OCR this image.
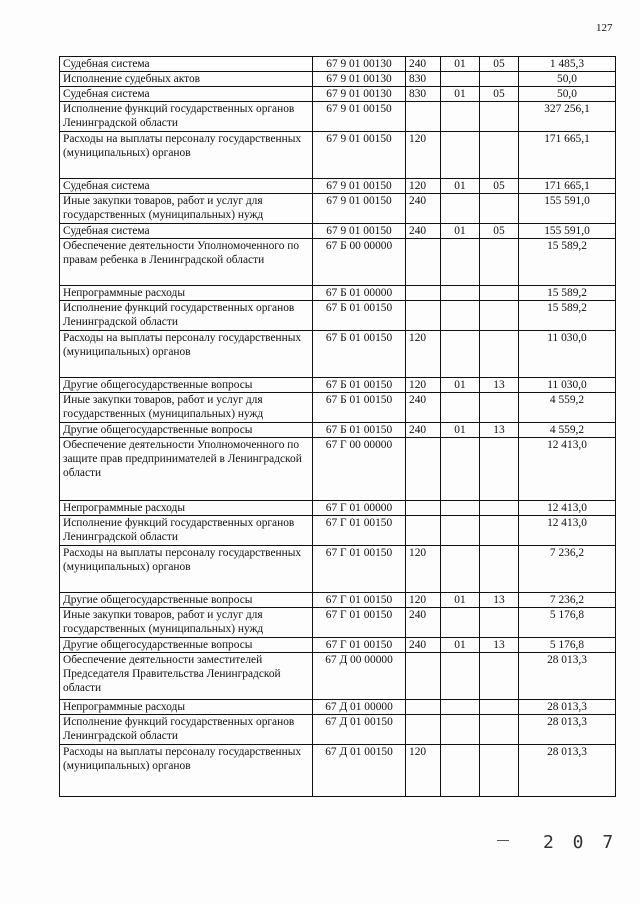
127
Судебная система	67 9 01 00130	240	01	05	1 485,3
Исполнение судебных актов	67 9 01 00130	830			50,0
Судебная система	67 9 01 00130	830	01	05	50,0
Исполнение функций государственных органов Ленинградской области	67 9 01 00150				327 256,1
Расходы на выплаты персоналу государственных (муниципальных) органов	67 9 01 00150	120			171 665,1
Судебная система	67 9 01 00150	120	01	05	171 665,1
Иные закупки товаров, работ и услуг для государственных (муниципальных) нужд	67 9 01 00150	240			155 591,0
Судебная система	67 9 01 00150	240	01	05	155 591,0
Обеспечение деятельности Уполномоченного по правам ребенка в Ленинградской области	67 Б 00 00000				15 589,2
Непрограммные расходы	67 Б 01 00000				15 589,2
Исполнение функций государственных органов Ленинградской области	67 Б 01 00150				15 589,2
Расходы на выплаты персоналу государственных (муниципальных) органов	67 Б 01 00150	120			11 030,0
Другие общегосударственные вопросы	67 Б 01 00150	120	01	13	11 030,0
Иные закупки товаров, работ и услуг для государственных (муниципальных) нужд	67 Б 01 00150	240			4 559,2
Другие общегосударственные вопросы	67 Б 01 00150	240	01	13	4 559,2
Обеспечение деятельности Уполномоченного по защите прав предпринимателей в Ленинградской области	67 Г 00 00000				12 413,0
Непрограммные расходы	67 Г 01 00000				12 413,0
Исполнение функций государственных органов Ленинградской области	67 Г 01 00150				12 413,0
Расходы на выплаты персоналу государственных (муниципальных) органов	67 Г 01 00150	120			7 236,2
Другие общегосударственные вопросы	67 Г 01 00150	120	01	13	7 236,2
Иные закупки товаров, работ и услуг для государственных (муниципальных) нужд	67 Г 01 00150	240			5 176,8
Другие общегосударственные вопросы	67 Г 01 00150	240	01	13	5 176,8
Обеспечение деятельности заместителей Председателя Правительства Ленинградской области	67 Д 00 00000				28 013,3
Непрограммные расходы	67 Д 01 00000				28 013,3
Исполнение функций государственных органов Ленинградской области	67 Д 01 00150				28 013,3
Расходы на выплаты персоналу государственных (муниципальных) органов	67 Д 01 00150	120			28 013,3
2 0 7
